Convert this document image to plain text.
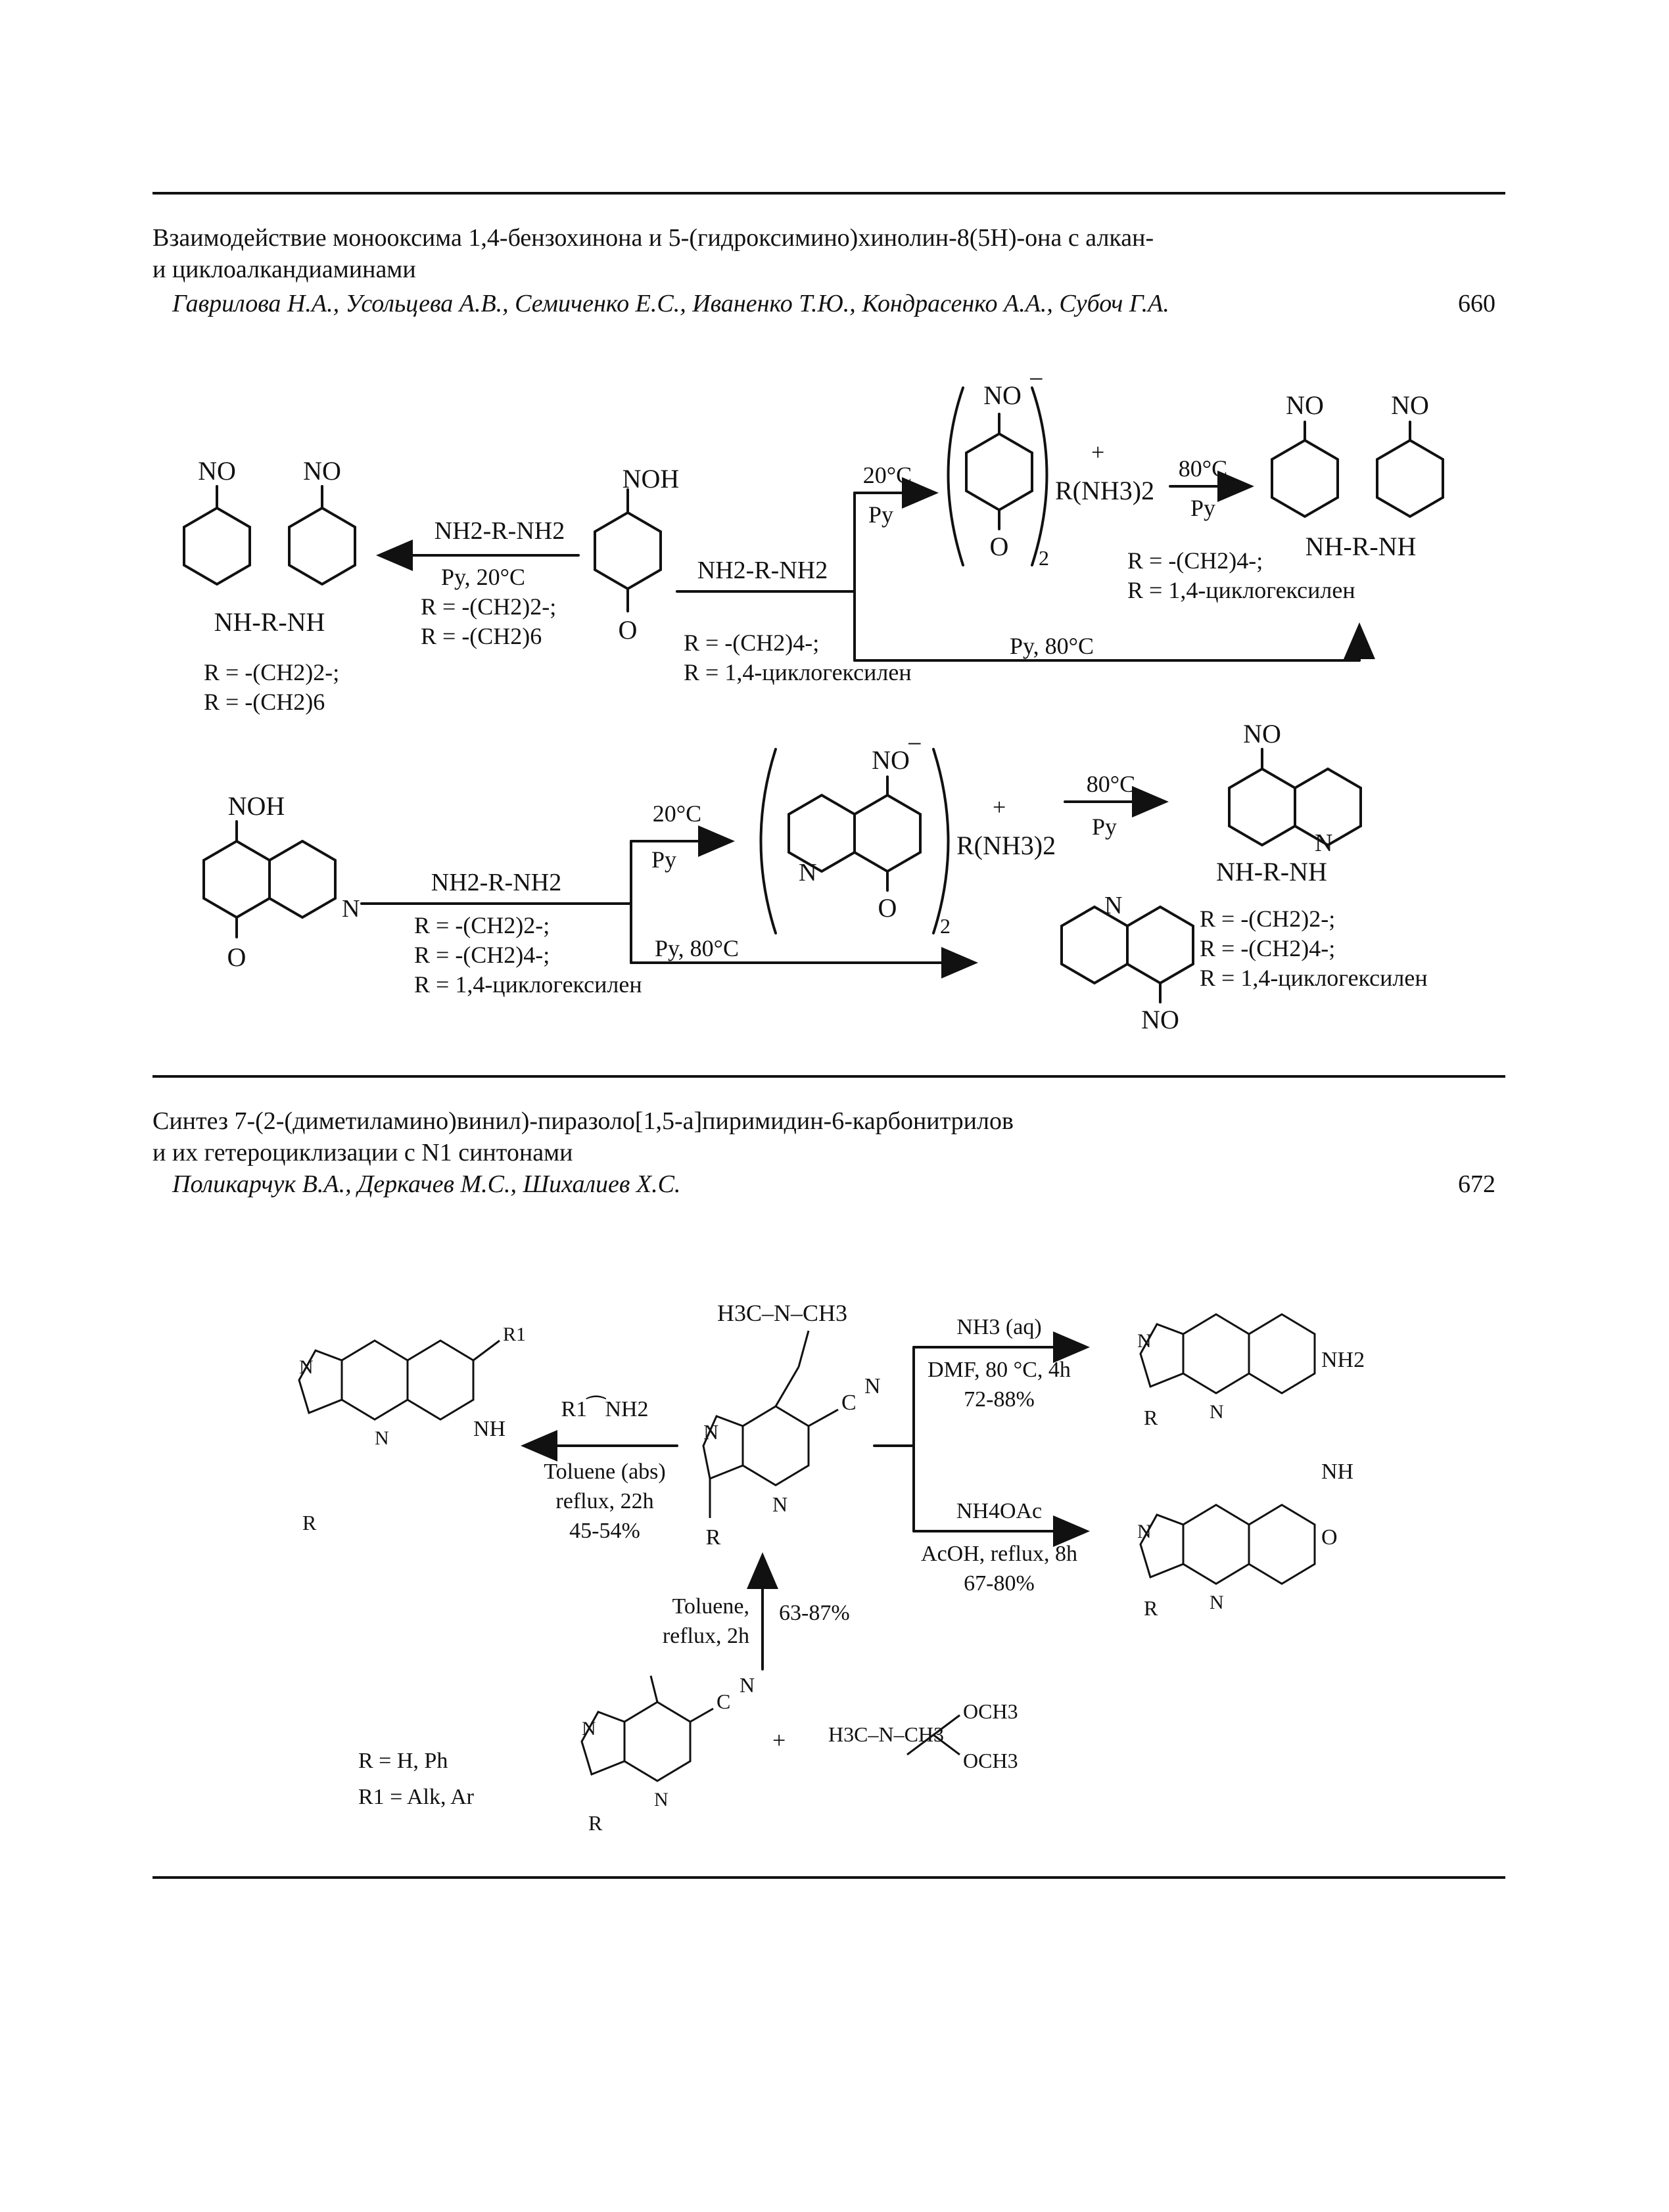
Взаимодействие монооксима 1,4-бензохинона и 5-(гидроксимино)хинолин-8(5H)-она с алкан-
и циклоалкандиаминами
Гаврилова Н.А., Усольцева А.В., Семиченко Е.С., Иваненко Т.Ю., Кондрасенко А.А., Субоч Г.А.	660
NO	NO
NH-R-NH
R = -(CH2)2-;
R = -(CH2)6
NH2-R-NH2
Py, 20°C
R = -(CH2)2-;
R = -(CH2)6
NOH
O
NH2-R-NH2
R = -(CH2)4-;
R = 1,4-циклогексилен
20°C
Py
Py, 80°C
NO
−
O 2
R(NH3)2
+
80°C
Py
NO	NO
NH-R-NH
R = -(CH2)4-;
R = 1,4-циклогексилен
NOH
O
N
NH2-R-NH2
R = -(CH2)2-;
R = -(CH2)4-;
R = 1,4-циклогексилен
20°C
Py
Py, 80°C
NO
−
O
N
2
R(NH3)2
+
80°C
Py
NO
N
NH-R-NH
NO
N	R = -(CH2)2-;
R = -(CH2)4-;
R = 1,4-циклогексилен
Синтез 7-(2-(диметиламино)винил)-пиразоло[1,5-a]пиримидин-6-карбонитрилов
и их гетероциклизации с N1 синтонами
Поликарчук В.А., Деркачев М.С., Шихалиев Х.С.	672
H3C–N–CH3
N
N
C
N
R
NH3 (aq)
DMF, 80 °C, 4h
72-88%
NH4OAc
AcOH, reflux, 8h
67-80%
N
N
NH2
R
N
N
NH
O
R
R1⁀NH2
Toluene (abs)
reflux, 22h
45-54%
R1
NH
N
N
R
Toluene,
reflux, 2h
63-87%
N
N
C
N
R
+ H3C–N–CH3
OCH3
OCH3
R = H, Ph
R1 = Alk, Ar
